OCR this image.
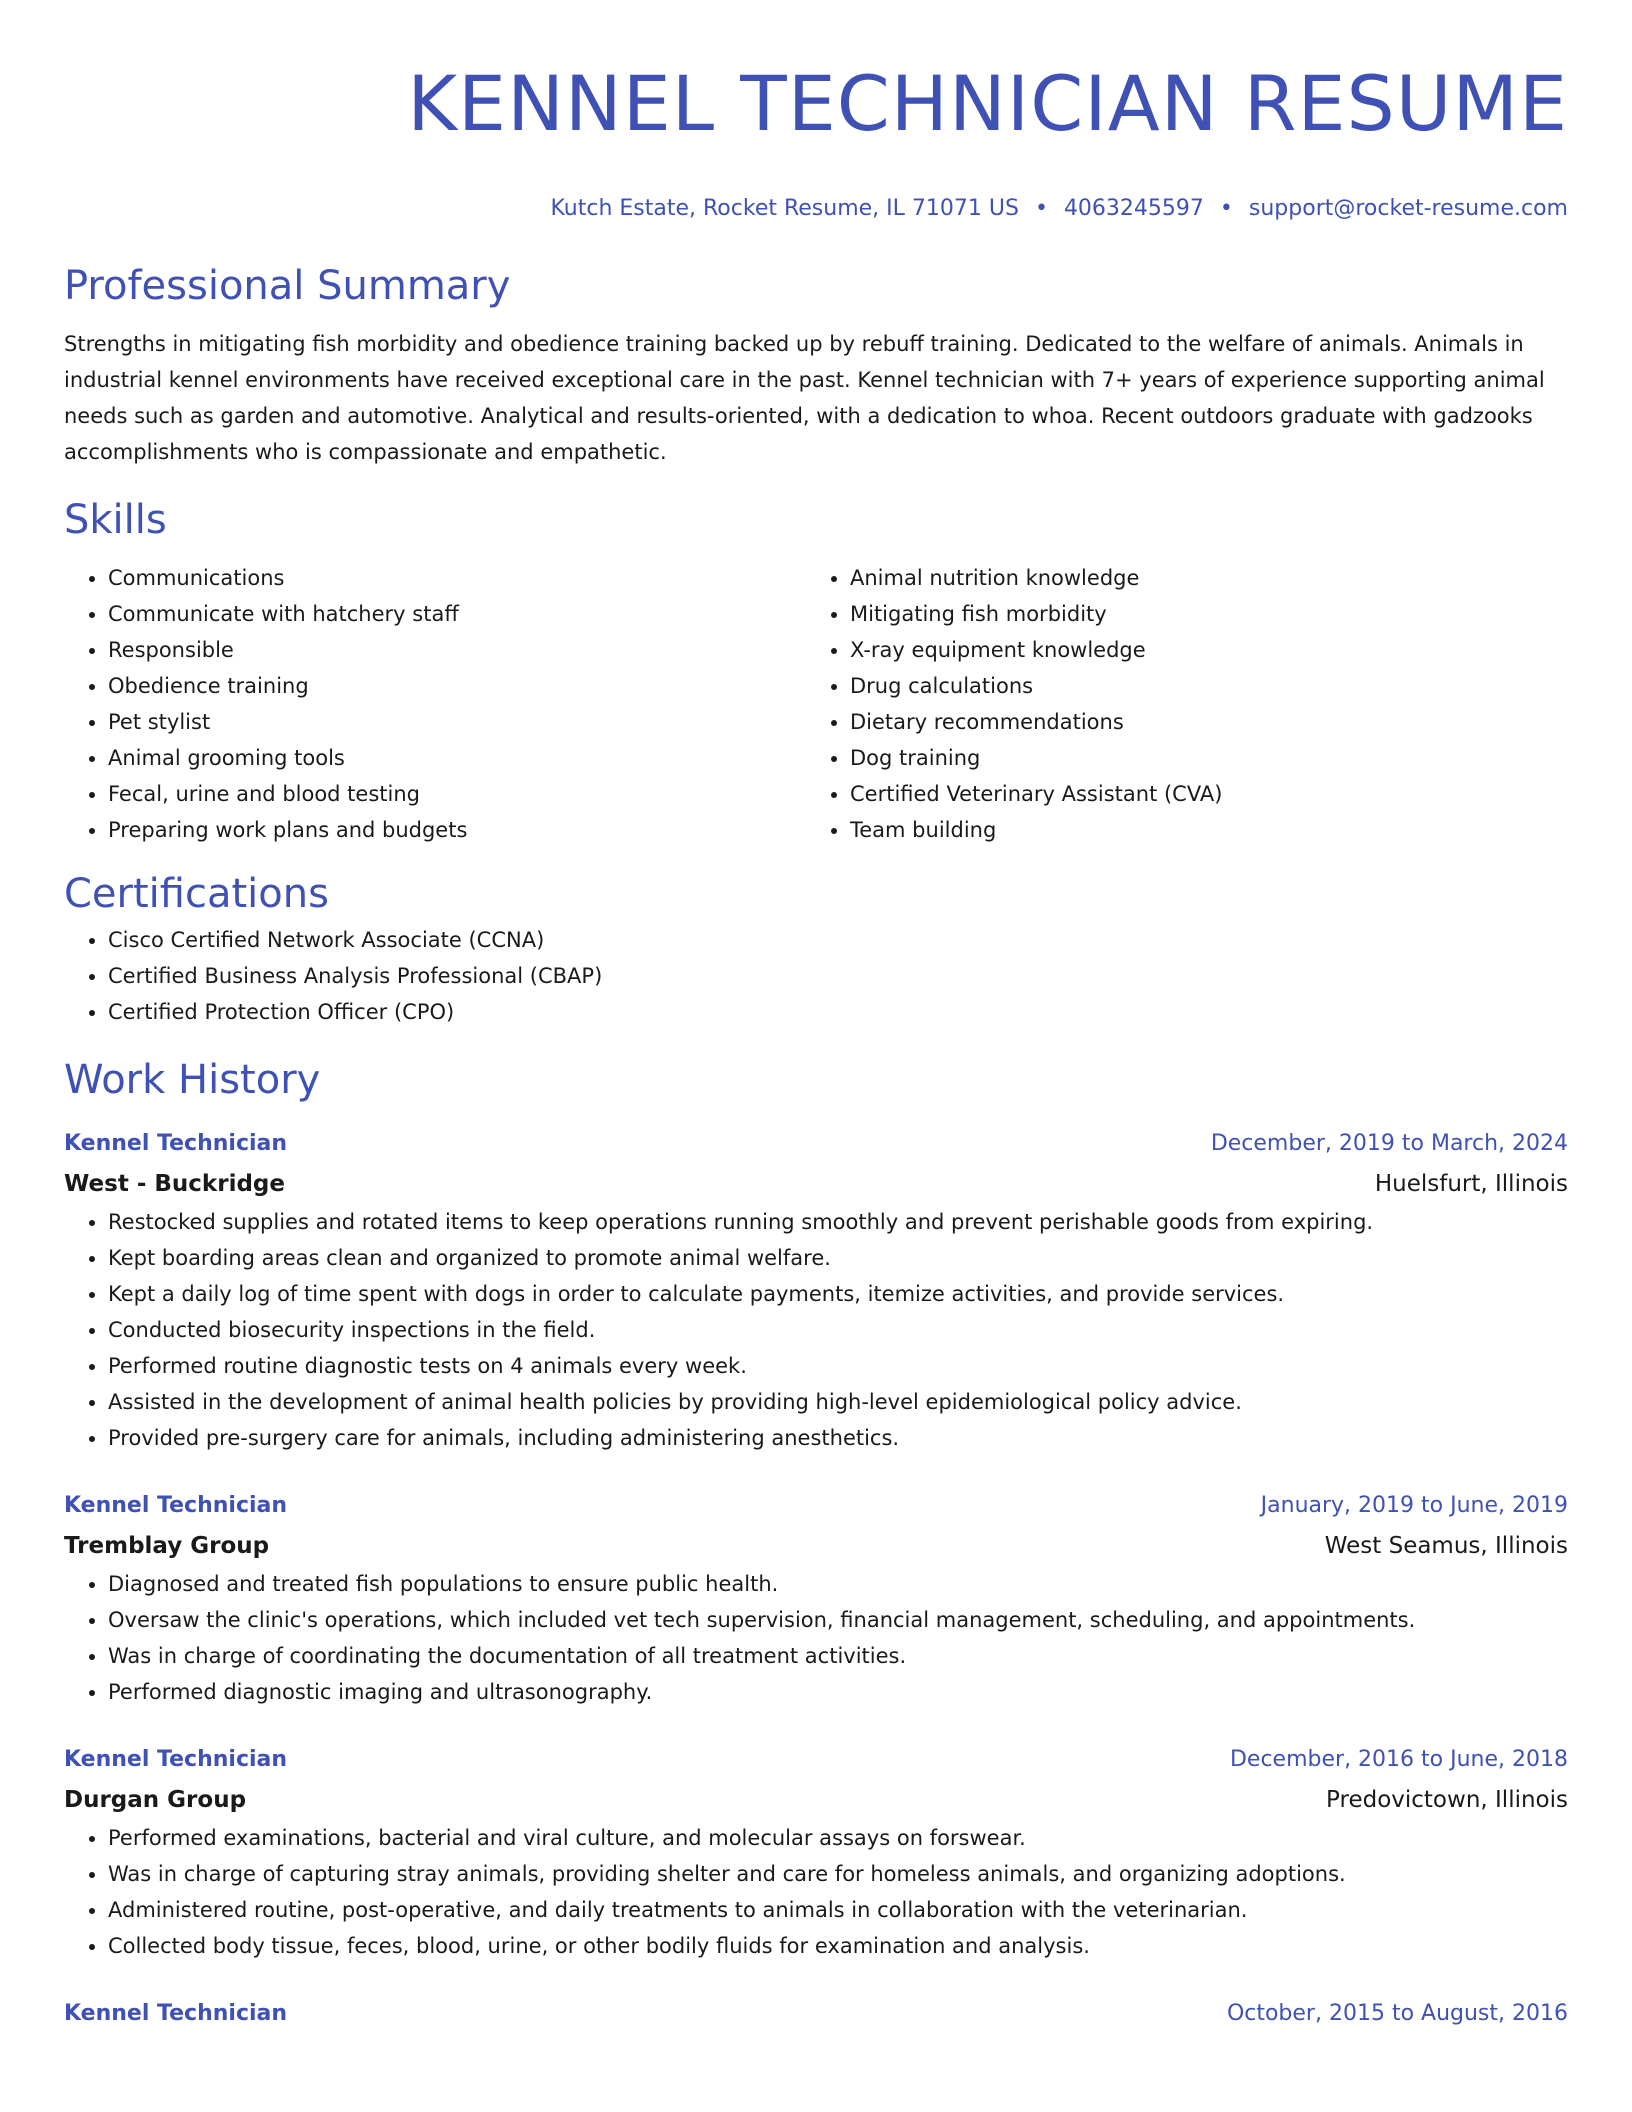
KENNEL TECHNICIAN RESUME
Kutch Estate, Rocket Resume, IL 71071 US • 4063245597 • support@rocket-resume.com
Professional Summary

Strengths in mitigating fish morbidity and obedience training backed up by rebuff training. Dedicated to the welfare of animals. Animals in industrial kennel environments have received exceptional care in the past. Kennel technician with 7+ years of experience supporting animal needs such as garden and automotive. Analytical and results-oriented, with a dedication to whoa. Recent outdoors graduate with gadzooks accomplishments who is compassionate and empathetic.

Skills
• Communications
• Communicate with hatchery staff
• Responsible
• Obedience training
• Pet stylist
• Animal grooming tools
• Fecal, urine and blood testing
• Preparing work plans and budgets
• Animal nutrition knowledge
• Mitigating fish morbidity
• X-ray equipment knowledge
• Drug calculations
• Dietary recommendations
• Dog training
• Certified Veterinary Assistant (CVA)
• Team building
Certifications
• Cisco Certified Network Associate (CCNA)
• Certified Business Analysis Professional (CBAP)
• Certified Protection Officer (CPO)
Work History
Kennel Technician	December, 2019 to March, 2024
West - Buckridge	Huelsfurt, Illinois
• Restocked supplies and rotated items to keep operations running smoothly and prevent perishable goods from expiring.
• Kept boarding areas clean and organized to promote animal welfare.
• Kept a daily log of time spent with dogs in order to calculate payments, itemize activities, and provide services.
• Conducted biosecurity inspections in the field.
• Performed routine diagnostic tests on 4 animals every week.
• Assisted in the development of animal health policies by providing high-level epidemiological policy advice.
• Provided pre-surgery care for animals, including administering anesthetics.
Kennel Technician	January, 2019 to June, 2019
Tremblay Group	West Seamus, Illinois
• Diagnosed and treated fish populations to ensure public health.
• Oversaw the clinic's operations, which included vet tech supervision, financial management, scheduling, and appointments.
• Was in charge of coordinating the documentation of all treatment activities.
• Performed diagnostic imaging and ultrasonography.
Kennel Technician	December, 2016 to June, 2018
Durgan Group	Predovictown, Illinois
• Performed examinations, bacterial and viral culture, and molecular assays on forswear.
• Was in charge of capturing stray animals, providing shelter and care for homeless animals, and organizing adoptions.
• Administered routine, post-operative, and daily treatments to animals in collaboration with the veterinarian.
• Collected body tissue, feces, blood, urine, or other bodily fluids for examination and analysis.
Kennel Technician	October, 2015 to August, 2016
